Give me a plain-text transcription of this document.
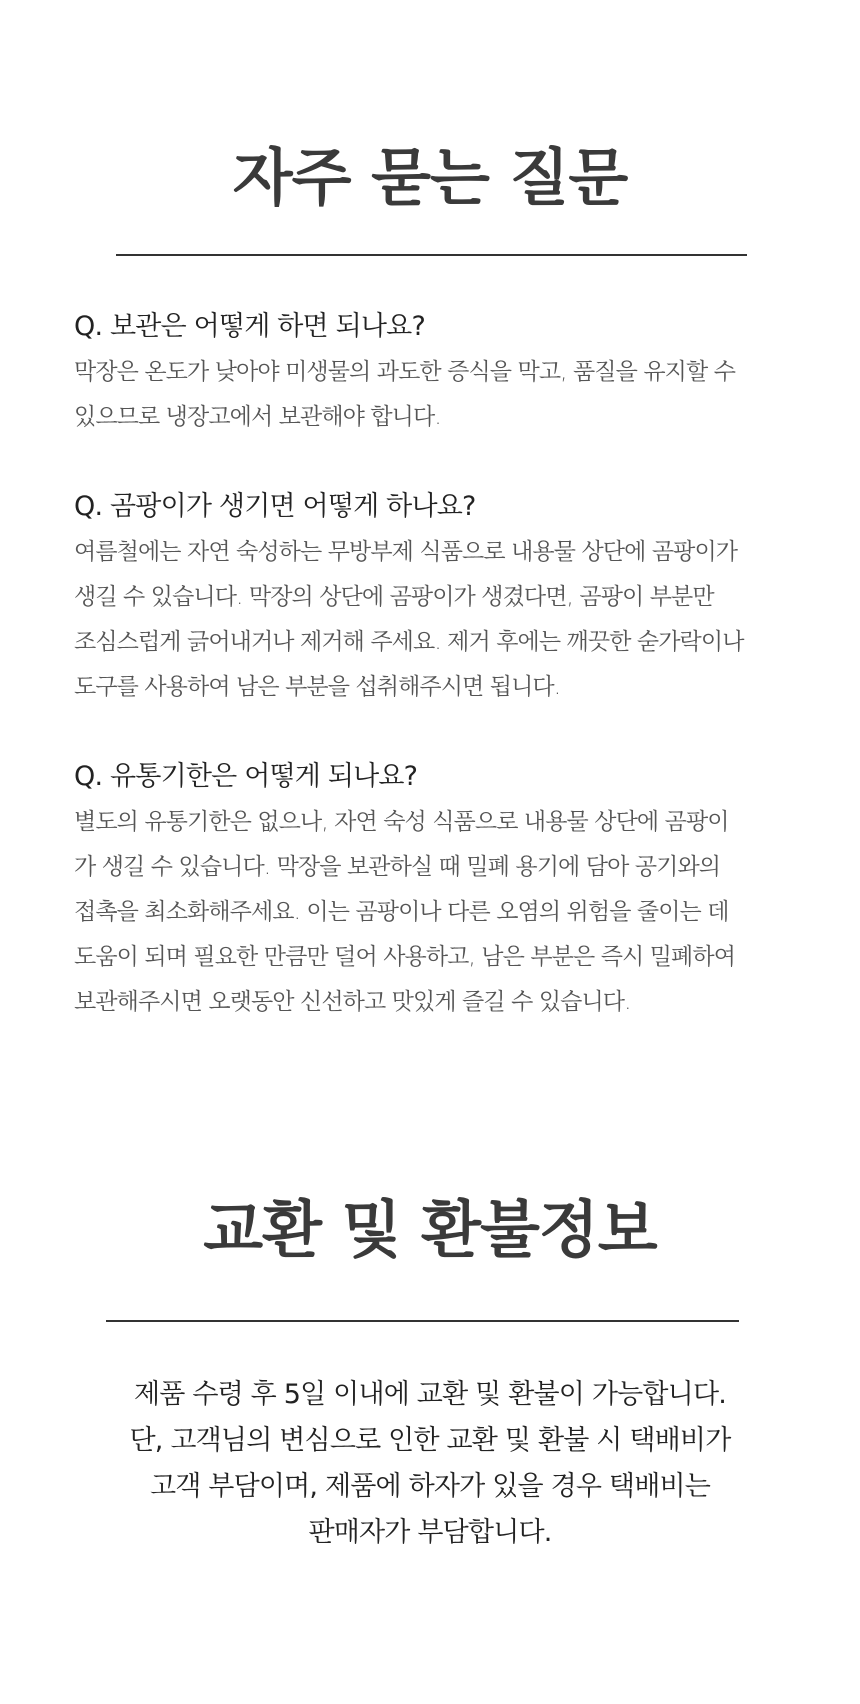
자주 묻는 질문

Q. 보관은 어떻게 하면 되나요?

막장은 온도가 낮아야 미생물의 과도한 증식을 막고, 품질을 유지할 수
있으므로 냉장고에서 보관해야 합니다.

Q. 곰팡이가 생기면 어떻게 하나요?

여름철에는 자연 숙성하는 무방부제 식품으로 내용물 상단에 곰팡이가
생길 수 있습니다. 막장의 상단에 곰팡이가 생겼다면, 곰팡이 부분만
조심스럽게 긁어내거나 제거해 주세요. 제거 후에는 깨끗한 숟가락이나
도구를 사용하여 남은 부분을 섭취해주시면 됩니다.

Q. 유통기한은 어떻게 되나요?

별도의 유통기한은 없으나, 자연 숙성 식품으로 내용물 상단에 곰팡이
가 생길 수 있습니다. 막장을 보관하실 때 밀폐 용기에 담아 공기와의
접촉을 최소화해주세요. 이는 곰팡이나 다른 오염의 위험을 줄이는 데
도움이 되며 필요한 만큼만 덜어 사용하고, 남은 부분은 즉시 밀폐하여
보관해주시면 오랫동안 신선하고 맛있게 즐길 수 있습니다.

교환 및 환불정보
제품 수령 후 5일 이내에 교환 및 환불이 가능합니다.
단, 고객님의 변심으로 인한 교환 및 환불 시 택배비가
고객 부담이며, 제품에 하자가 있을 경우 택배비는
판매자가 부담합니다.
